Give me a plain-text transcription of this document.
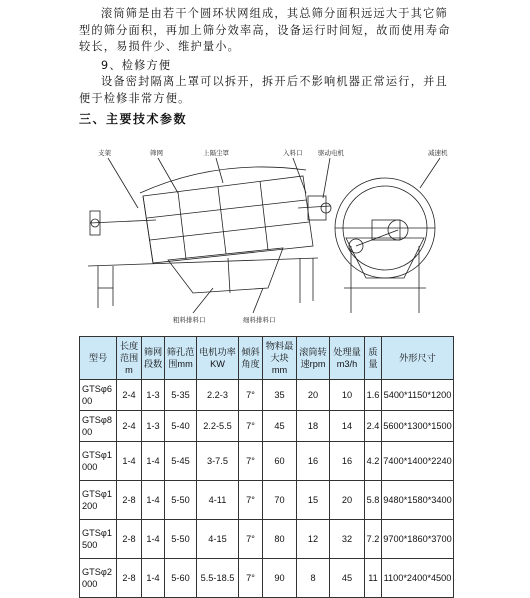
滚筒筛是由若干个圆环状网组成，其总筛分面积远远大于其它筛型的筛分面积，再加上筛分效率高，设备运行时间短，故而使用寿命较长，易损件少、维护量小。

9、检修方便

设备密封隔离上罩可以拆开，拆开后不影响机器正常运行，并且便于检修非常方便。

三、主要技术参数
支架	筛网	上隔尘罩	入料口 驱动电机	减速机
粗料排料口	细料排料口
型号	长度范围m	筛网段数	筛孔范围mm	电机功率KW	倾斜角度	物料最大块mm	滚筒转速rpm	处理量m3/h	质量	外形尺寸
GTSφ600	2-4	1-3	5-35	2.2-3	7°	35	20	10	1.6	5400*1150*1200
GTSφ800	2-4	1-3	5-40	2.2-5.5	7°	45	18	14	2.4	5600*1300*1500
GTSφ1000	1-4	1-4	5-45	3-7.5	7°	60	16	16	4.2	7400*1400*2240
GTSφ1200	2-8	1-4	5-50	4-11	7°	70	15	20	5.8	9480*1580*3400
GTSφ1500	2-8	1-4	5-50	4-15	7°	80	12	32	7.2	9700*1860*3700
GTSφ2000	2-8	1-4	5-60	5.5-18.5	7°	90	8	45	11	1100*2400*4500
